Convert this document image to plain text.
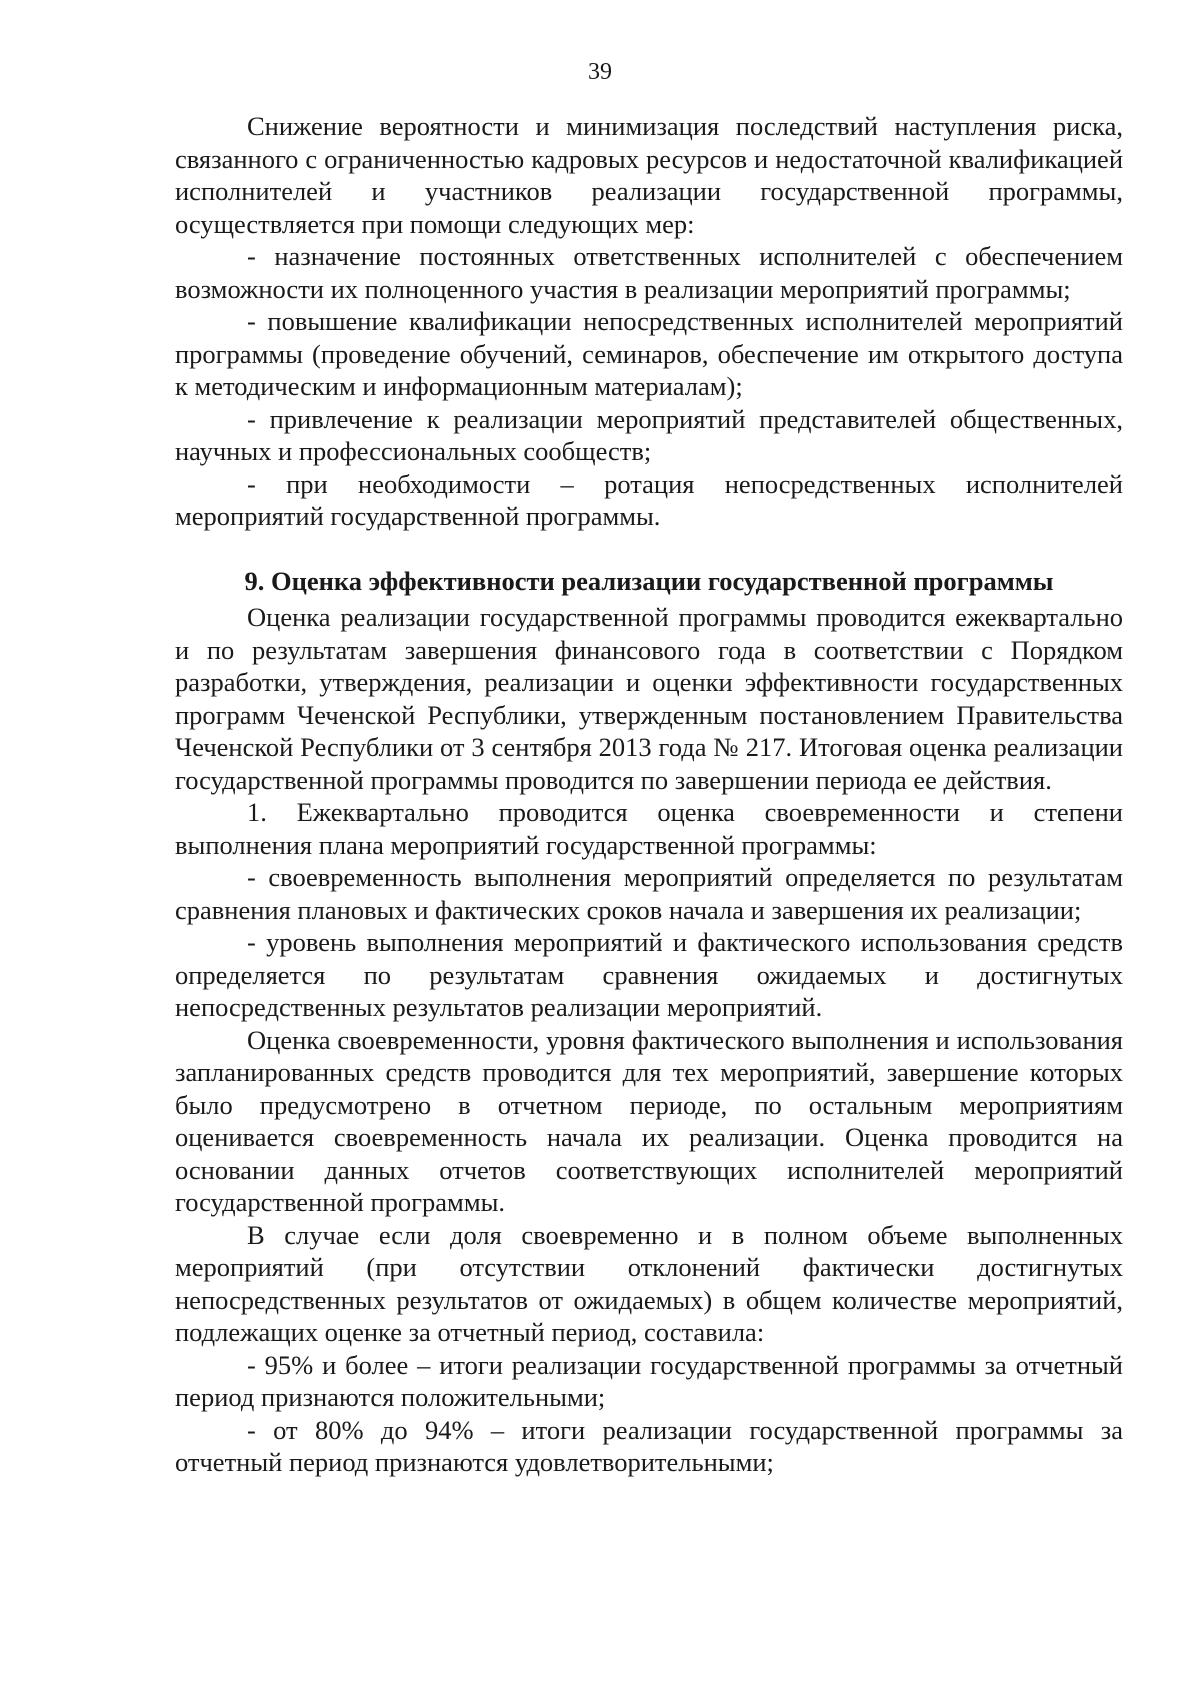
39

Снижение вероятности и минимизация последствий наступления риска, связанного с ограниченностью кадровых ресурсов и недостаточной квалификацией исполнителей и участников реализации государственной программы, осуществляется при помощи следующих мер:

- назначение постоянных ответственных исполнителей с обеспечением возможности их полноценного участия в реализации мероприятий программы;

- повышение квалификации непосредственных исполнителей мероприятий программы (проведение обучений, семинаров, обеспечение им открытого доступа к методическим и информационным материалам);

- привлечение к реализации мероприятий представителей общественных, научных и профессиональных сообществ;

- при необходимости – ротация непосредственных исполнителей мероприятий государственной программы.

9. Оценка эффективности реализации государственной программы

Оценка реализации государственной программы проводится ежеквартально и по результатам завершения финансового года в соответствии с Порядком разработки, утверждения, реализации и оценки эффективности государственных программ Чеченской Республики, утвержденным постановлением Правительства Чеченской Республики от 3 сентября 2013 года № 217. Итоговая оценка реализации государственной программы проводится по завершении периода ее действия.

1. Ежеквартально проводится оценка своевременности и степени выполнения плана мероприятий государственной программы:

- своевременность выполнения мероприятий определяется по результатам сравнения плановых и фактических сроков начала и завершения их реализации;

- уровень выполнения мероприятий и фактического использования средств определяется по результатам сравнения ожидаемых и достигнутых непосредственных результатов реализации мероприятий.

Оценка своевременности, уровня фактического выполнения и использования запланированных средств проводится для тех мероприятий, завершение которых было предусмотрено в отчетном периоде, по остальным мероприятиям оценивается своевременность начала их реализации. Оценка проводится на основании данных отчетов соответствующих исполнителей мероприятий государственной программы.

В случае если доля своевременно и в полном объеме выполненных мероприятий (при отсутствии отклонений фактически достигнутых непосредственных результатов от ожидаемых) в общем количестве мероприятий, подлежащих оценке за отчетный период, составила:

- 95% и более – итоги реализации государственной программы за отчетный период признаются положительными;

- от 80% до 94% – итоги реализации государственной программы за отчетный период признаются удовлетворительными;
